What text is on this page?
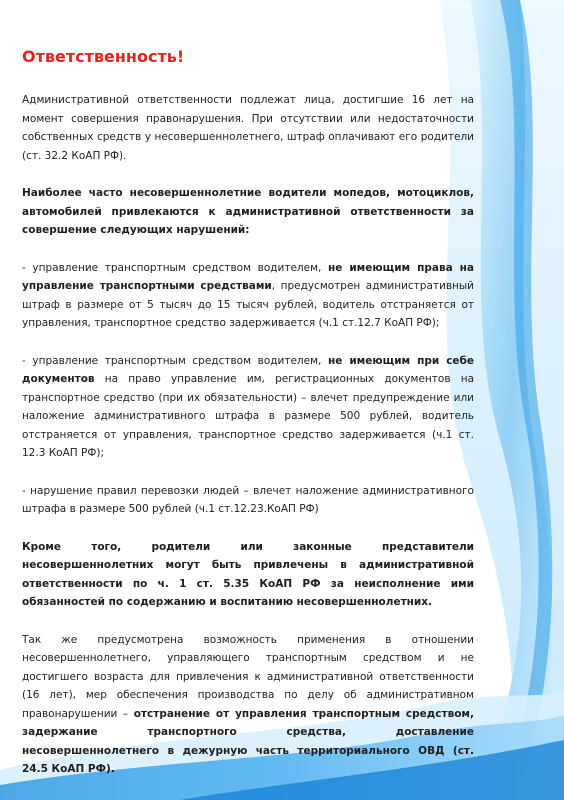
Ответственность!

Административной ответственности подлежат лица, достигшие 16 лет на момент совершения правонарушения. При отсутствии или недостаточности собственных средств у несовершеннолетнего, штраф оплачивают его родители (ст. 32.2 КоАП РФ).

Наиболее часто несовершеннолетние водители мопедов, мотоциклов, автомобилей привлекаются к административной ответственности за совершение следующих нарушений:

- управление транспортным средством водителем, не имеющим права на управление транспортными средствами, предусмотрен административный штраф в размере от 5 тысяч до 15 тысяч рублей, водитель отстраняется от управления, транспортное средство задерживается (ч.1 ст.12.7 КоАП РФ);

- управление транспортным средством водителем, не имеющим при себе документов на право управление им, регистрационных документов на транспортное средство (при их обязательности) – влечет предупреждение или наложение административного штрафа в размере 500 рублей, водитель отстраняется от управления, транспортное средство задерживается (ч.1 ст. 12.3 КоАП РФ);

- нарушение правил перевозки людей – влечет наложение административного штрафа в размере 500 рублей (ч.1 ст.12.23.КоАП РФ)

Кроме того, родители или законные представители несовершеннолетних могут быть привлечены в административной ответственности по ч. 1 ст. 5.35 КоАП РФ за неисполнение ими обязанностей по содержанию и воспитанию несовершеннолетних.

Так же предусмотрена возможность применения в отношении несовершеннолетнего, управляющего транспортным средством и не достигшего возраста для привлечения к административной ответственности (16 лет), мер обеспечения производства по делу об административном правонарушении – отстранение от управления транспортным средством, задержание транспортного средства, доставление несовершеннолетнего в дежурную часть территориального ОВД (ст. 24.5 КоАП РФ).
